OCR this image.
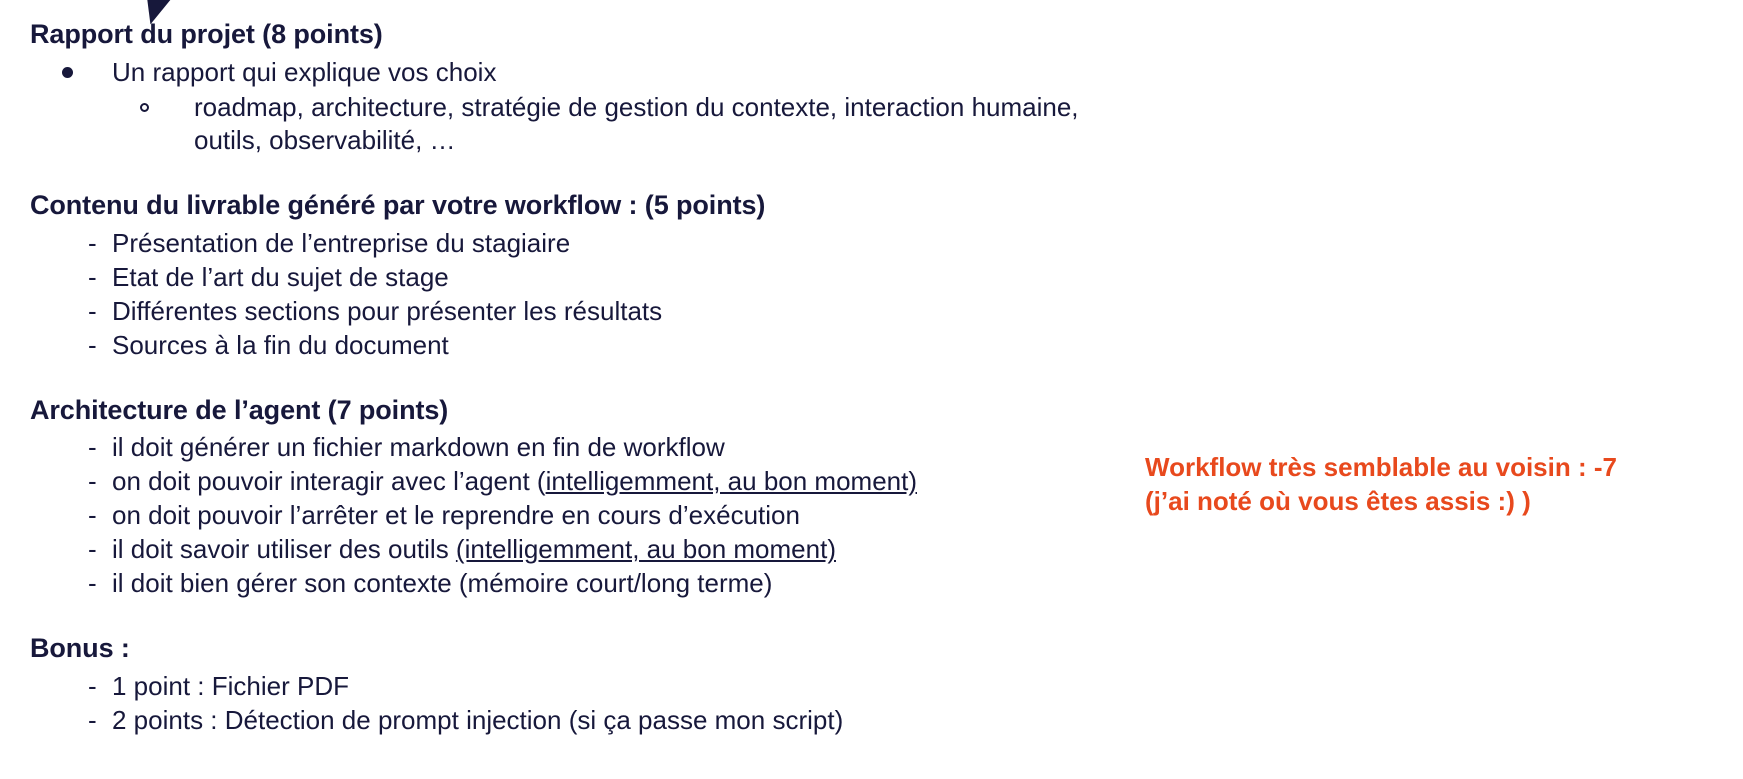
Rapport du projet (8 points)
Un rapport qui explique vos choix
roadmap, architecture, stratégie de gestion du contexte, interaction humaine, outils, observabilité, …
Contenu du livrable généré par votre workflow : (5 points)
- Présentation de l’entreprise du stagiaire
- Etat de l’art du sujet de stage
- Différentes sections pour présenter les résultats
- Sources à la fin du document
Architecture de l’agent (7 points)
- il doit générer un fichier markdown en fin de workflow
- on doit pouvoir interagir avec l’agent (intelligemment, au bon moment)
- on doit pouvoir l’arrêter et le reprendre en cours d’exécution
- il doit savoir utiliser des outils (intelligemment, au bon moment)
- il doit bien gérer son contexte (mémoire court/long terme)
Bonus :
- 1 point : Fichier PDF
- 2 points : Détection de prompt injection (si ça passe mon script)
Workflow très semblable au voisin : -7
(j’ai noté où vous êtes assis :) )
